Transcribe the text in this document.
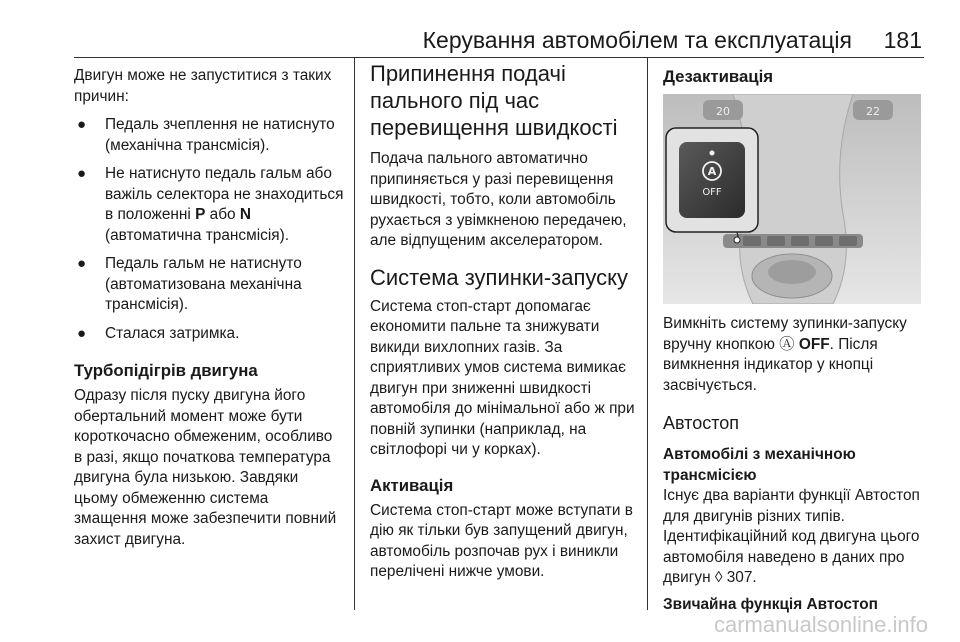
Керування автомобілем та експлуатація 181

Двигун може не запуститися з таких причин:

● Педаль зчеплення не натиснуто (механічна трансмісія).
● Не натиснуто педаль гальм або важіль селектора не знаходиться в положенні P або N (автоматична трансмісія).
● Педаль гальм не натиснуто (автоматизована механічна трансмісія).
● Сталася затримка.
Турбопідігрів двигуна

Одразу після пуску двигуна його обертальний момент може бути короткочасно обмеженим, особливо в разі, якщо початкова температура двигуна була низькою. Завдяки цьому обмеженню система змащення може забезпечити повний захист двигуна.

Припинення подачі пального під час перевищення швидкості

Подача пального автоматично припиняється у разі перевищення швидкості, тобто, коли автомобіль рухається з увімкненою передачею, але відпущеним акселератором.

Система зупинки-запуску

Система стоп-старт допомагає економити пальне та знижувати викиди вихлопних газів. За сприятливих умов система вимикає двигун при зниженні швидкості автомобіля до мінімальної або ж при повній зупинки (наприклад, на світлофорі чи у корках).

Активація

Система стоп-старт може вступати в дію як тільки був запущений двигун, автомобіль розпочав рух і виникли перелічені нижче умови.

Дезактивація
20	22
A
OFF

Вимкніть систему зупинки-запуску вручну кнопкою Ⓐ OFF. Після вимкнення індикатор у кнопці засвічується.

Автостоп
Автомобілі з механічною трансмісією

Існує два варіанти функції Автостоп для двигунів різних типів. Ідентифікаційний код двигуна цього автомобіля наведено в даних про двигун ◊ 307.

Звичайна функція Автостоп
carmanualsonline.info
